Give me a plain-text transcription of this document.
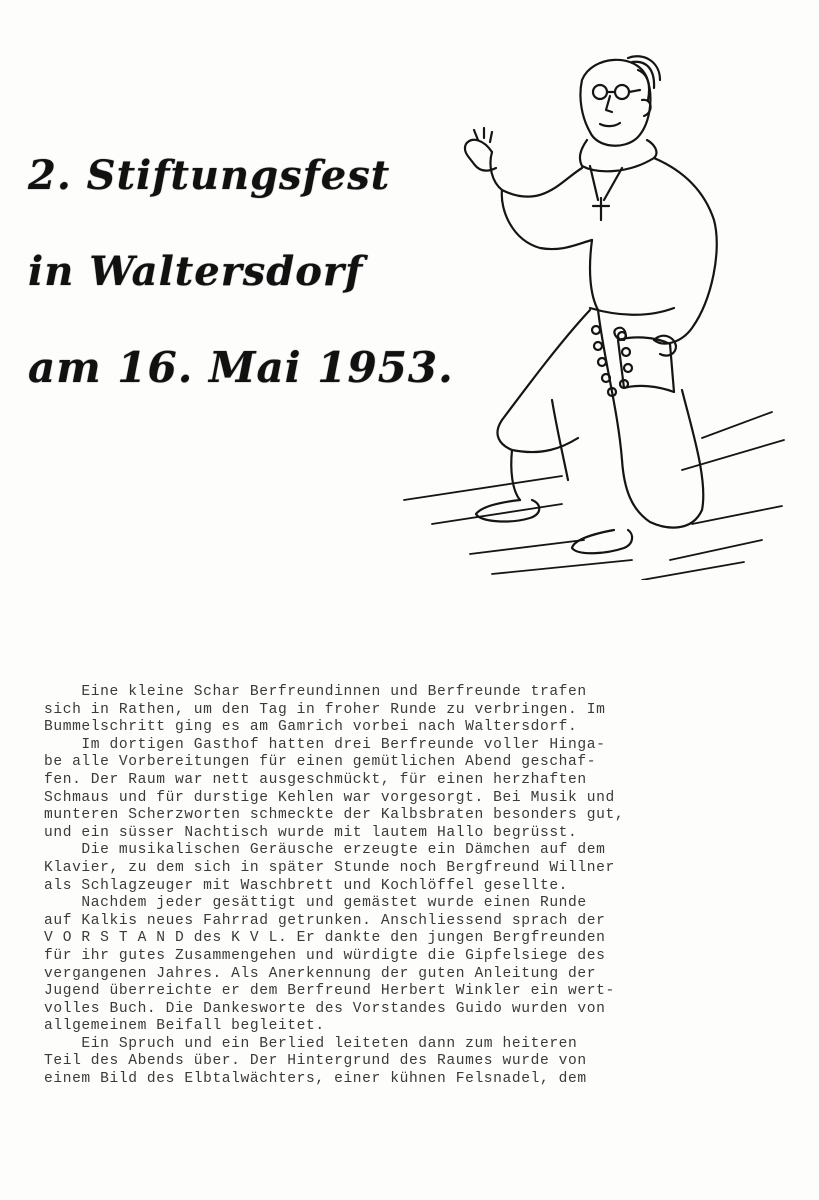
2. Stiftungsfest
in Waltersdorf
am 16. Mai 1953.

Eine kleine Schar Berfreundinnen und Berfreunde trafen

sich in Rathen, um den Tag in froher Runde zu verbringen. Im

Bummelschritt ging es am Gamrich vorbei nach Waltersdorf.

Im dortigen Gasthof hatten drei Berfreunde voller Hinga-

be alle Vorbereitungen für einen gemütlichen Abend geschaf-

fen. Der Raum war nett ausgeschmückt, für einen herzhaften

Schmaus und für durstige Kehlen war vorgesorgt. Bei Musik und

munteren Scherzworten schmeckte der Kalbsbraten besonders gut,

und ein süsser Nachtisch wurde mit lautem Hallo begrüsst.

Die musikalischen Geräusche erzeugte ein Dämchen auf dem

Klavier, zu dem sich in später Stunde noch Bergfreund Willner

als Schlagzeuger mit Waschbrett und Kochlöffel gesellte.

Nachdem jeder gesättigt und gemästet wurde einen Runde

auf Kalkis neues Fahrrad getrunken. Anschliessend sprach der

V O R S T A N D des K V L. Er dankte den jungen Bergfreunden

für ihr gutes Zusammengehen und würdigte die Gipfelsiege des

vergangenen Jahres. Als Anerkennung der guten Anleitung der

Jugend überreichte er dem Berfreund Herbert Winkler ein wert-

volles Buch. Die Dankesworte des Vorstandes Guido wurden von

allgemeinem Beifall begleitet.

Ein Spruch und ein Berlied leiteten dann zum heiteren

Teil des Abends über. Der Hintergrund des Raumes wurde von

einem Bild des Elbtalwächters, einer kühnen Felsnadel, dem
